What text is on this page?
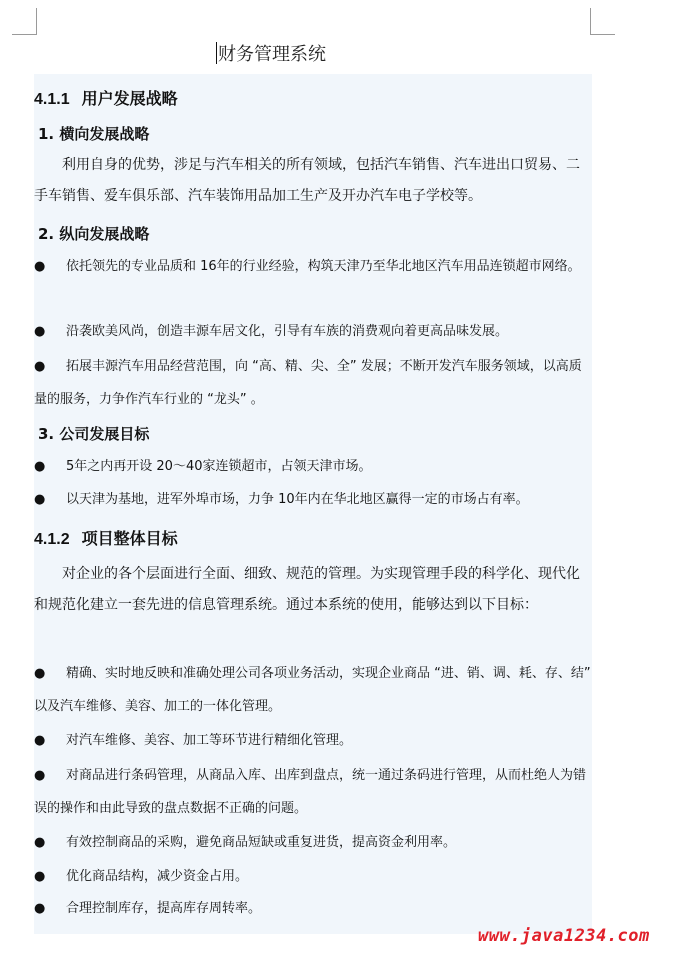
财务管理系统
4.1.1 用户发展战略
1. 横向发展战略
利用自身的优势，涉足与汽车相关的所有领域，包括汽车销售、汽车进出口贸易、二手车销售、爱车俱乐部、汽车装饰用品加工生产及开办汽车电子学校等。
2. 纵向发展战略
● 依托领先的专业品质和 16年的行业经验，构筑天津乃至华北地区汽车用品连锁超市网络。
● 沿袭欧美风尚，创造丰源车居文化，引导有车族的消费观向着更高品味发展。
● 拓展丰源汽车用品经营范围，向 “高、精、尖、全” 发展；不断开发汽车服务领域，以高质量的服务，力争作汽车行业的 “龙头” 。
3. 公司发展目标
● 5年之内再开设 20～40家连锁超市，占领天津市场。
● 以天津为基地，进军外埠市场，力争 10年内在华北地区赢得一定的市场占有率。
4.1.2 项目整体目标
对企业的各个层面进行全面、细致、规范的管理。为实现管理手段的科学化、现代化和规范化建立一套先进的信息管理系统。通过本系统的使用，能够达到以下目标：
● 精确、实时地反映和准确处理公司各项业务活动，实现企业商品 “进、销、调、耗、存、结” 以及汽车维修、美容、加工的一体化管理。
● 对汽车维修、美容、加工等环节进行精细化管理。
● 对商品进行条码管理，从商品入库、出库到盘点，统一通过条码进行管理，从而杜绝人为错误的操作和由此导致的盘点数据不正确的问题。
● 有效控制商品的采购，避免商品短缺或重复进货，提高资金利用率。
● 优化商品结构，减少资金占用。
● 合理控制库存，提高库存周转率。
www.java1234.com
